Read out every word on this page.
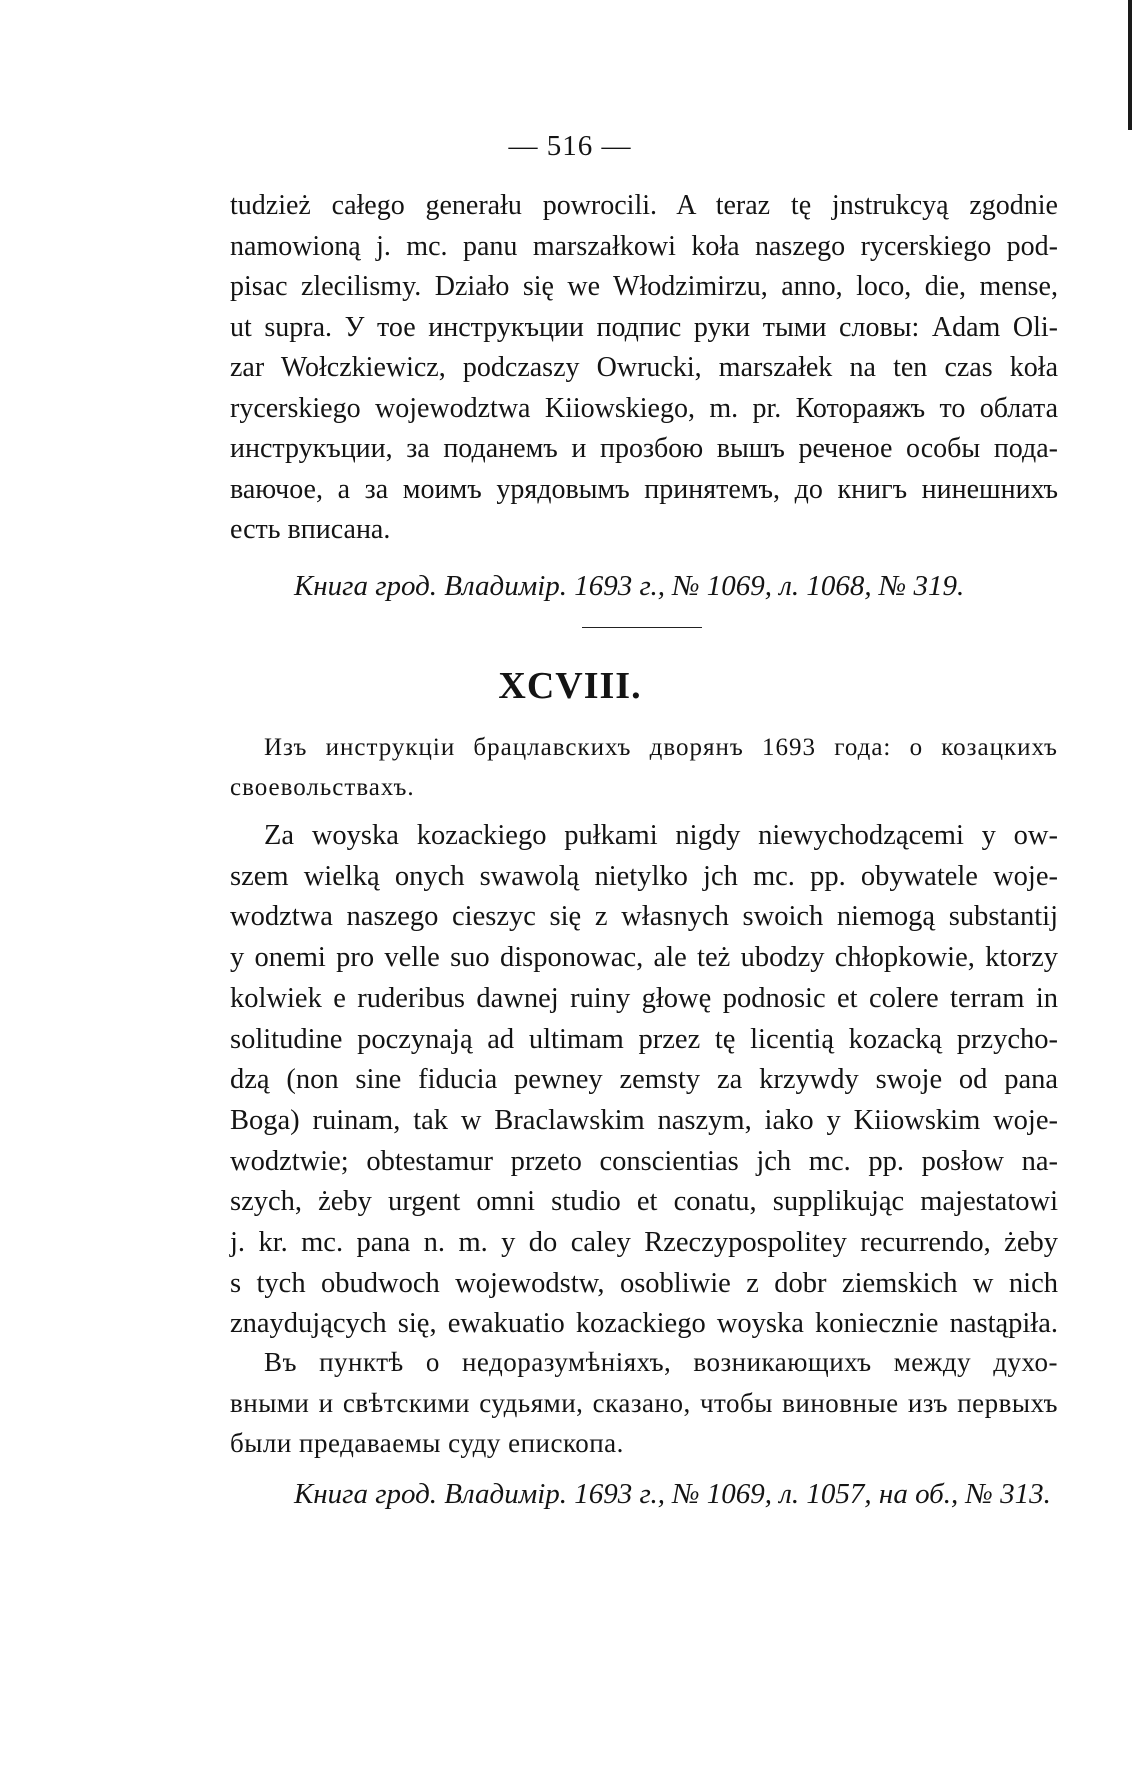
— 516 —
tudzież całego generału powrocili. A teraz tę jnstrukcyą zgodnie
namowioną j. mc. panu marszałkowi koła naszego rycerskiego pod-
pisac zlecilismy. Działo się we Włodzimirzu, anno, loco, die, mense,
ut supra. У тое инструкъции подпис руки тыми словы: Adam Oli-
zar Wołczkiewicz, podczaszy Owrucki, marszałek na ten czas koła
rycerskiego wojewodztwa Kiiowskiego, m. pr. Котораяжъ то облата
инструкъции, за поданемъ и прозбою вышъ реченое особы пода-
ваючое, а за моимъ урядовымъ принятемъ, до книгъ нинешнихъ
есть вписана.
Книга грод. Владимір. 1693 г., № 1069, л. 1068, № 319.
XCVIII.
Изъ инструкціи брацлавскихъ дворянъ 1693 года: о козацкихъ
своевольствахъ.
Za woyska kozackiego pułkami nigdy niewychodzącemi y ow-
szem wielką onych swawolą nietylko jch mc. pp. obywatele woje-
wodztwa naszego cieszyc się z własnych swoich niemogą substantij
y onemi pro velle suo disponowac, ale też ubodzy chłopkowie, ktorzy
kolwiek e ruderibus dawnej ruiny głowę podnosic et colere terram in
solitudine poczynają ad ultimam przez tę licentią kozacką przycho-
dzą (non sine fiducia pewney zemsty za krzywdy swoje od pana
Boga) ruinam, tak w Braclawskim naszym, iako y Kiiowskim woje-
wodztwie; obtestamur przeto conscientias jch mc. pp. posłow na-
szych, żeby urgent omni studio et conatu, supplikując majestatowi
j. kr. mc. pana n. m. y do caley Rzeczypospolitey recurrendo, żeby
s tych obudwoch wojewodstw, osobliwie z dobr ziemskich w nich
znaydujących się, ewakuatio kozackiego woyska koniecznie nastąpiła.
Въ пунктѣ о недоразумѣніяхъ, возникающихъ между духо-
вными и свѣтскими судьями, сказано, чтобы виновные изъ первыхъ
были предаваемы суду епископа.
Книга грод. Владимір. 1693 г., № 1069, л. 1057, на об., № 313.
